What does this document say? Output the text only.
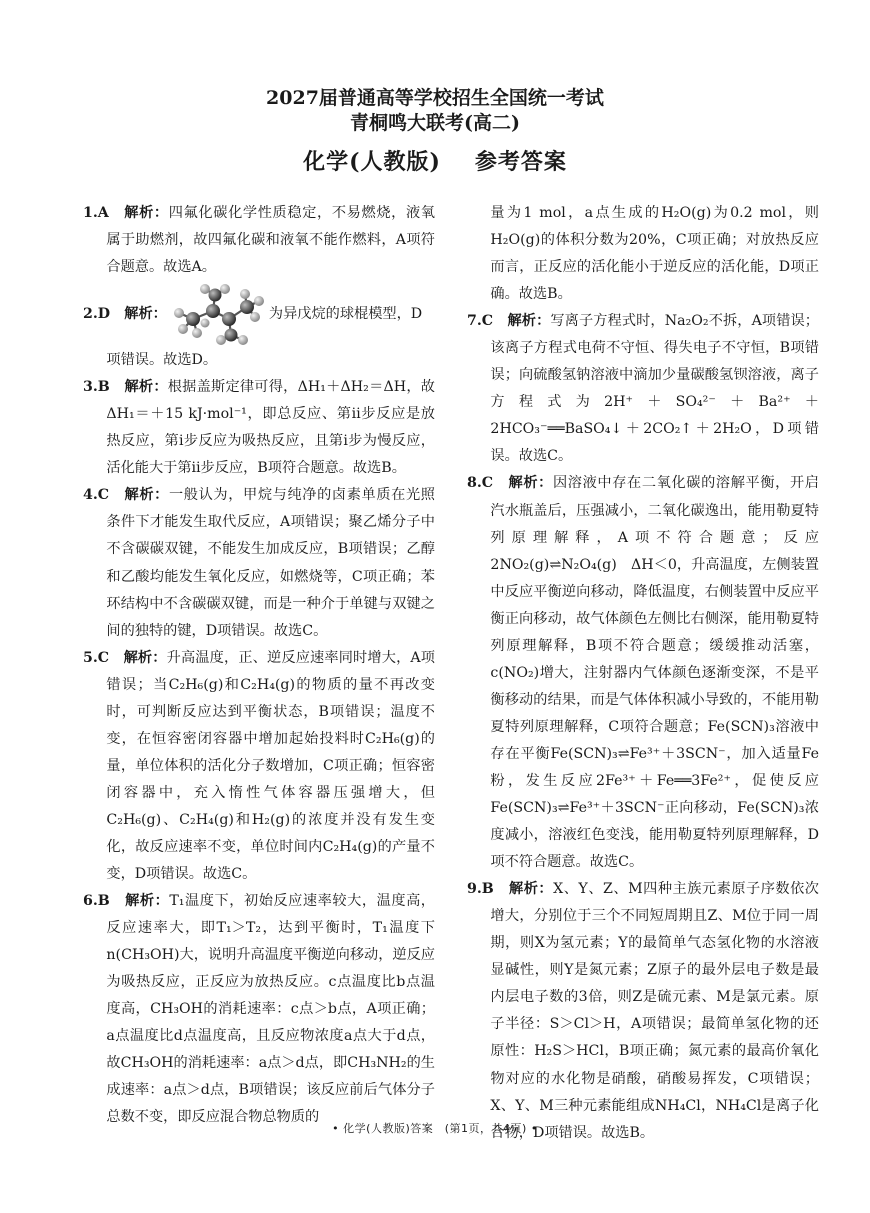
2027届普通高等学校招生全国统一考试
青桐鸣大联考(高二)
化学(人教版) 参考答案

1.A　解析：四氟化碳化学性质稳定，不易燃烧，液氧属于助燃剂，故四氟化碳和液氧不能作燃料，A项符合题意。故选A。

2.D　解析：	为异戊烷的球棍模型，D

项错误。故选D。

3.B　解析：根据盖斯定律可得，ΔH₁＋ΔH₂＝ΔH，故ΔH₁＝＋15 kJ·mol⁻¹，即总反应、第ⅱ步反应是放热反应，第ⅰ步反应为吸热反应，且第ⅰ步为慢反应，活化能大于第ⅱ步反应，B项符合题意。故选B。

4.C　解析：一般认为，甲烷与纯净的卤素单质在光照条件下才能发生取代反应，A项错误；聚乙烯分子中不含碳碳双键，不能发生加成反应，B项错误；乙醇和乙酸均能发生氧化反应，如燃烧等，C项正确；苯环结构中不含碳碳双键，而是一种介于单键与双键之间的独特的键，D项错误。故选C。

5.C　解析：升高温度，正、逆反应速率同时增大，A项错误；当C₂H₆(g)和C₂H₄(g)的物质的量不再改变时，可判断反应达到平衡状态，B项错误；温度不变，在恒容密闭容器中增加起始投料时C₂H₆(g)的量，单位体积的活化分子数增加，C项正确；恒容密闭容器中，充入惰性气体容器压强增大，但C₂H₆(g)、C₂H₄(g)和H₂(g)的浓度并没有发生变化，故反应速率不变，单位时间内C₂H₄(g)的产量不变，D项错误。故选C。

6.B　解析：T₁温度下，初始反应速率较大，温度高，反应速率大，即T₁＞T₂，达到平衡时，T₁温度下n(CH₃OH)大，说明升高温度平衡逆向移动，逆反应为吸热反应，正反应为放热反应。c点温度比b点温度高，CH₃OH的消耗速率：c点＞b点，A项正确；a点温度比d点温度高，且反应物浓度a点大于d点，故CH₃OH的消耗速率：a点＞d点，即CH₃NH₂的生成速率：a点＞d点，B项错误；该反应前后气体分子总数不变，即反应混合物总物质的

量为1 mol，a点生成的H₂O(g)为0.2 mol，则H₂O(g)的体积分数为20%，C项正确；对放热反应而言，正反应的活化能小于逆反应的活化能，D项正确。故选B。

7.C　解析：写离子方程式时，Na₂O₂不拆，A项错误；该离子方程式电荷不守恒、得失电子不守恒，B项错误；向硫酸氢钠溶液中滴加少量碳酸氢钡溶液，离子方程式为2H⁺＋SO₄²⁻＋Ba²⁺＋2HCO₃⁻══BaSO₄↓＋2CO₂↑＋2H₂O，D项错误。故选C。

8.C　解析：因溶液中存在二氧化碳的溶解平衡，开启汽水瓶盖后，压强减小，二氧化碳逸出，能用勒夏特列原理解释，A项不符合题意；反应2NO₂(g)⇌N₂O₄(g)　ΔH＜0，升高温度，左侧装置中反应平衡逆向移动，降低温度，右侧装置中反应平衡正向移动，故气体颜色左侧比右侧深，能用勒夏特列原理解释，B项不符合题意；缓缓推动活塞，c(NO₂)增大，注射器内气体颜色逐渐变深，不是平衡移动的结果，而是气体体积减小导致的，不能用勒夏特列原理解释，C项符合题意；Fe(SCN)₃溶液中存在平衡Fe(SCN)₃⇌Fe³⁺＋3SCN⁻，加入适量Fe粉，发生反应2Fe³⁺＋Fe══3Fe²⁺，促使反应Fe(SCN)₃⇌Fe³⁺＋3SCN⁻正向移动，Fe(SCN)₃浓度减小，溶液红色变浅，能用勒夏特列原理解释，D项不符合题意。故选C。

9.B　解析：X、Y、Z、M四种主族元素原子序数依次增大，分别位于三个不同短周期且Z、M位于同一周期，则X为氢元素；Y的最简单气态氢化物的水溶液显碱性，则Y是氮元素；Z原子的最外层电子数是最内层电子数的3倍，则Z是硫元素、M是氯元素。原子半径：S＞Cl＞H，A项错误；最简单氢化物的还原性：H₂S＞HCl，B项正确；氮元素的最高价氧化物对应的水化物是硝酸，硝酸易挥发，C项错误；X、Y、M三种元素能组成NH₄Cl，NH₄Cl是离子化合物，D项错误。故选B。

• 化学(人教版)答案　(第1页，共4页) •
